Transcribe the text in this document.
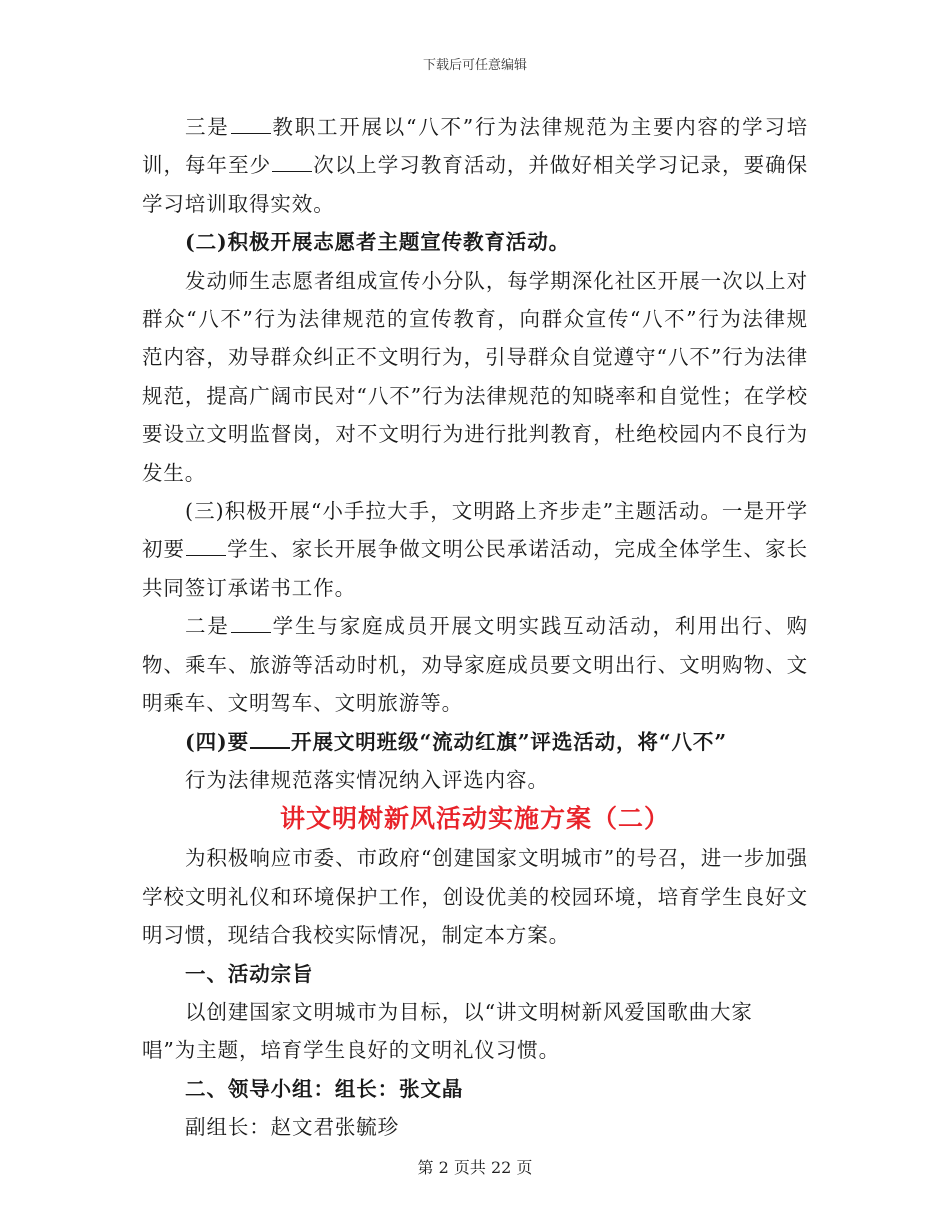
下载后可任意编辑

三是 教职工开展以“八不”行为法律规范为主要内容的学习培训，每年至少 次以上学习教育活动，并做好相关学习记录，要确保学习培训取得实效。

(二)积极开展志愿者主题宣传教育活动。

发动师生志愿者组成宣传小分队，每学期深化社区开展一次以上对群众“八不”行为法律规范的宣传教育，向群众宣传“八不”行为法律规范内容，劝导群众纠正不文明行为，引导群众自觉遵守“八不”行为法律规范，提高广阔市民对“八不”行为法律规范的知晓率和自觉性；在学校要设立文明监督岗，对不文明行为进行批判教育，杜绝校园内不良行为发生。

(三)积极开展“小手拉大手，文明路上齐步走”主题活动。一是开学初要 学生、家长开展争做文明公民承诺活动，完成全体学生、家长共同签订承诺书工作。

二是 学生与家庭成员开展文明实践互动活动，利用出行、购物、乘车、旅游等活动时机，劝导家庭成员要文明出行、文明购物、文明乘车、文明驾车、文明旅游等。

(四)要 开展文明班级“流动红旗”评选活动，将“八不”

行为法律规范落实情况纳入评选内容。

讲文明树新风活动实施方案（二）

为积极响应市委、市政府“创建国家文明城市”的号召，进一步加强学校文明礼仪和环境保护工作，创设优美的校园环境，培育学生良好文明习惯，现结合我校实际情况，制定本方案。

一、活动宗旨

以创建国家文明城市为目标，以“讲文明树新风爱国歌曲大家

唱”为主题，培育学生良好的文明礼仪习惯。

二、领导小组：组长：张文晶

副组长：赵文君张毓珍

第 2 页共 22 页
